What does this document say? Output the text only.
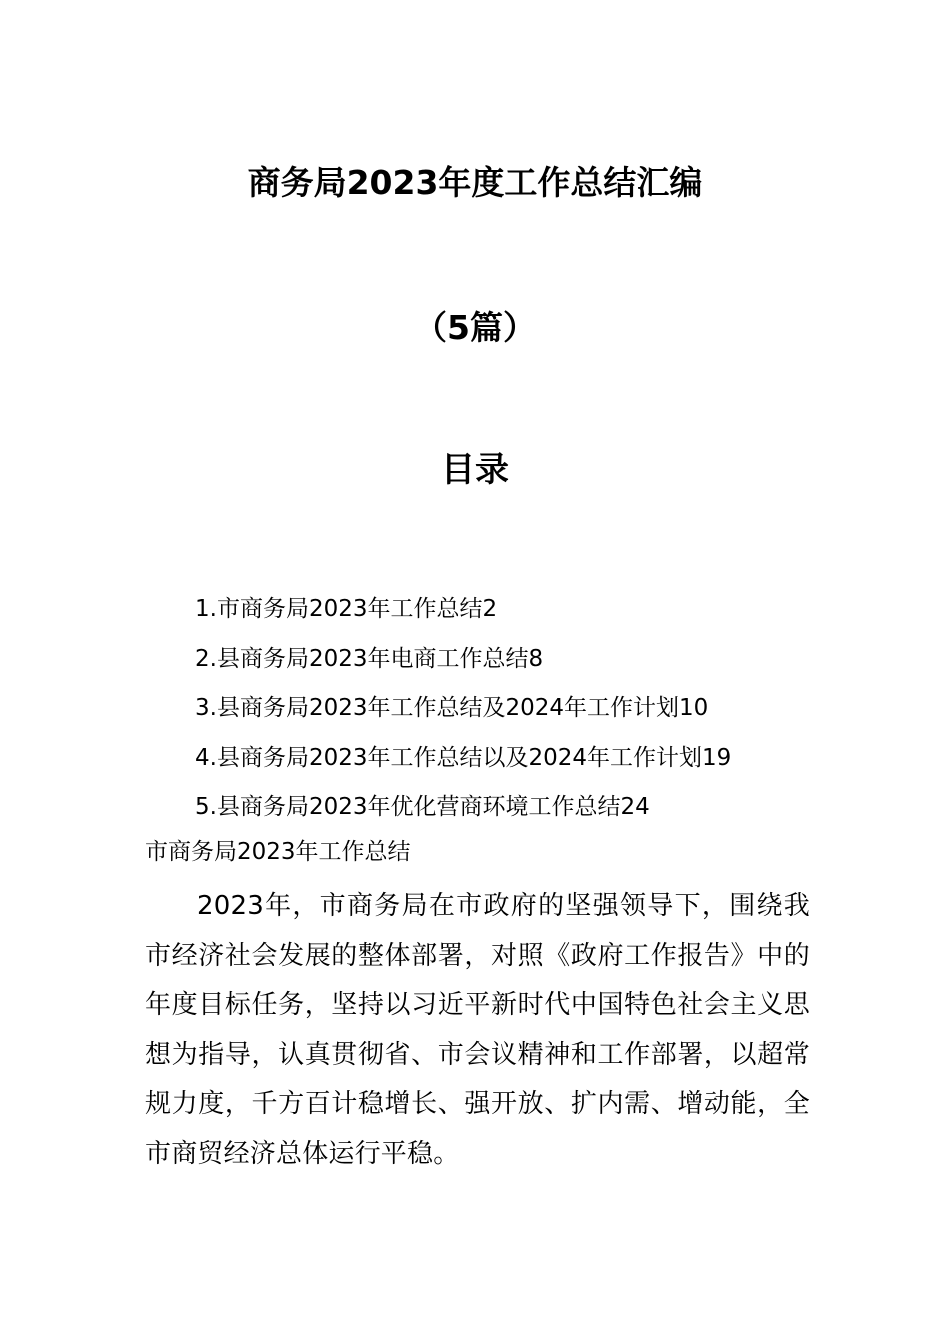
商务局2023年度工作总结汇编
（5篇）
目录
1.市商务局2023年工作总结2
2.县商务局2023年电商工作总结8
3.县商务局2023年工作总结及2024年工作计划10
4.县商务局2023年工作总结以及2024年工作计划19
5.县商务局2023年优化营商环境工作总结24
市商务局2023年工作总结

2023年，市商务局在市政府的坚强领导下，围绕我市经济社会发展的整体部署，对照《政府工作报告》中的年度目标任务，坚持以习近平新时代中国特色社会主义思想为指导，认真贯彻省、市会议精神和工作部署，以超常规力度，千方百计稳增长、强开放、扩内需、增动能，全市商贸经济总体运行平稳。
